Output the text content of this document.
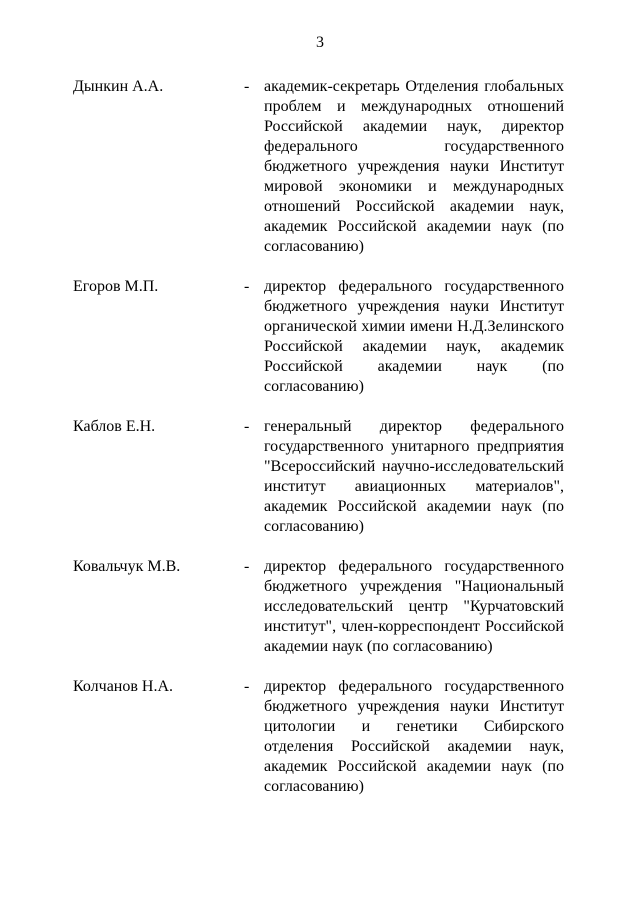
3
Дынкин А.А.	- академик-секретарь Отделения глобальных проблем и международных отношений Российской академии наук, директор федерального государственного бюджетного учреждения науки Институт мировой экономики и международных отношений Российской академии наук, академик Российской академии наук (по согласованию)
Егоров М.П.	- директор федерального государственного бюджетного учреждения науки Институт органической химии имени Н.Д.Зелинского Российской академии наук, академик Российской академии наук (по согласованию)
Каблов Е.Н.	- генеральный директор федерального государственного унитарного предприятия "Всероссийский научно-исследовательский институт авиационных материалов", академик Российской академии наук (по согласованию)
Ковальчук М.В.	- директор федерального государственного бюджетного учреждения "Национальный исследовательский центр "Курчатовский институт", член-корреспондент Российской академии наук (по согласованию)
Колчанов Н.А.	- директор федерального государственного бюджетного учреждения науки Институт цитологии и генетики Сибирского отделения Российской академии наук, академик Российской академии наук (по согласованию)
